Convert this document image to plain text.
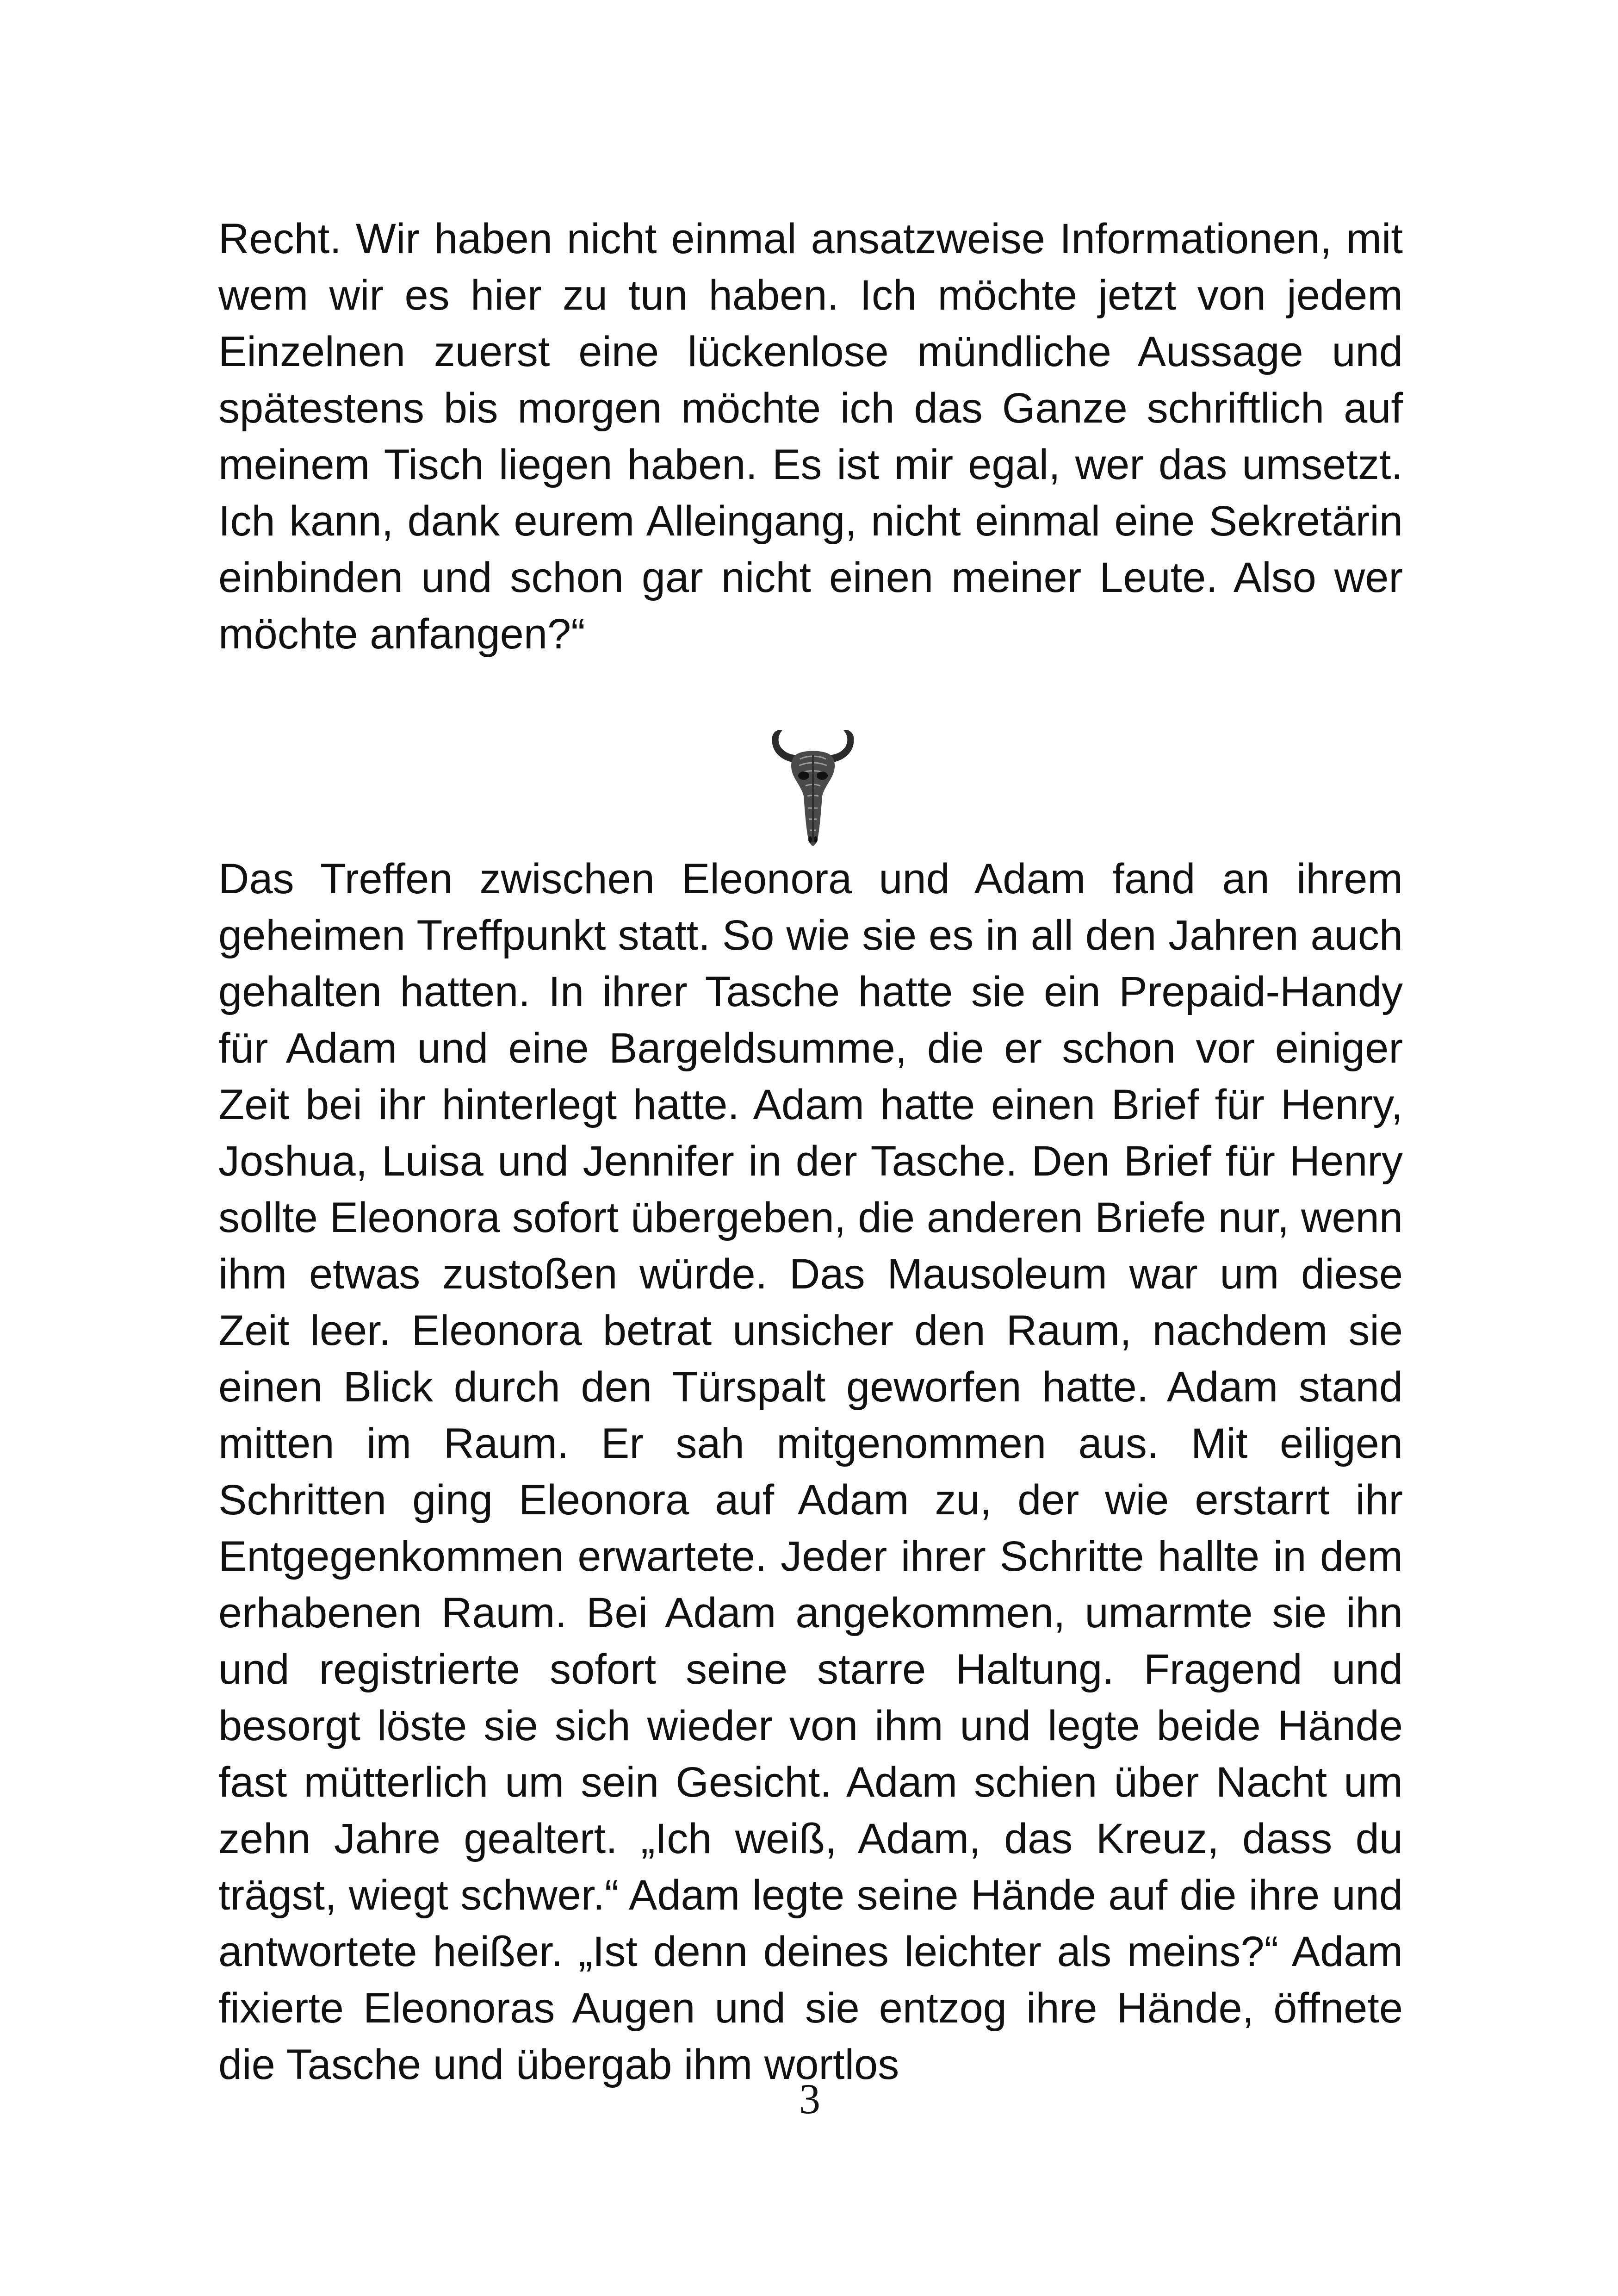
Recht. Wir haben nicht einmal ansatzweise Informationen, mit wem wir es hier zu tun haben. Ich möchte jetzt von jedem Einzelnen zuerst eine lückenlose mündliche Aussage und spätestens bis morgen möchte ich das Ganze schriftlich auf meinem Tisch liegen haben. Es ist mir egal, wer das umsetzt. Ich kann, dank eurem Alleingang, nicht einmal eine Sekretärin einbinden und schon gar nicht einen meiner Leute. Also wer möchte anfangen?“

Das Treffen zwischen Eleonora und Adam fand an ihrem geheimen Treffpunkt statt. So wie sie es in all den Jahren auch gehalten hatten. In ihrer Tasche hatte sie ein Prepaid-Handy für Adam und eine Bargeldsumme, die er schon vor einiger Zeit bei ihr hinterlegt hatte. Adam hatte einen Brief für Henry, Joshua, Luisa und Jennifer in der Tasche. Den Brief für Henry sollte Eleonora sofort übergeben, die anderen Briefe nur, wenn ihm etwas zustoßen würde. Das Mausoleum war um diese Zeit leer. Eleonora betrat unsicher den Raum, nachdem sie einen Blick durch den Türspalt geworfen hatte. Adam stand mitten im Raum. Er sah mitgenommen aus. Mit eiligen Schritten ging Eleonora auf Adam zu, der wie erstarrt ihr Entgegenkommen erwartete. Jeder ihrer Schritte hallte in dem erhabenen Raum. Bei Adam angekommen, umarmte sie ihn und registrierte sofort seine starre Haltung. Fragend und besorgt löste sie sich wieder von ihm und legte beide Hände fast mütterlich um sein Gesicht. Adam schien über Nacht um zehn Jahre gealtert. „Ich weiß, Adam, das Kreuz, dass du trägst, wiegt schwer.“ Adam legte seine Hände auf die ihre und antwortete heißer. „Ist denn deines leichter als meins?“ Adam fixierte Eleonoras Augen und sie entzog ihre Hände, öffnete die Tasche und übergab ihm wortlos

3
